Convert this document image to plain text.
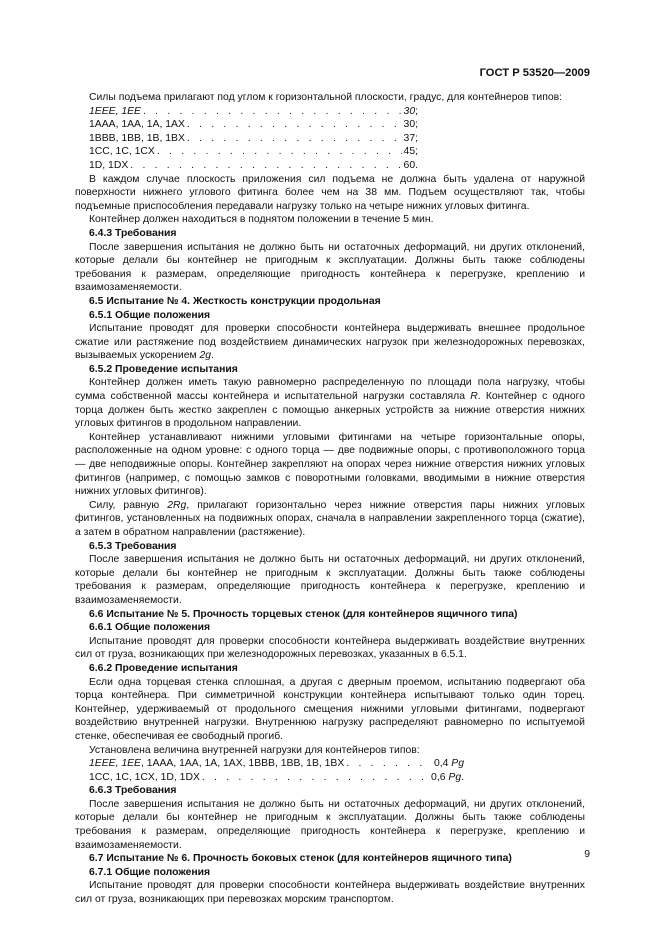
ГОСТ Р 53520—2009

Силы подъема прилагают под углом к горизонтальной плоскости, градус, для контейнеров типов:

1EEE, 1EE . . .	30;
1AAA, 1AA, 1A, 1AX . . .	30;
1BBB, 1BB, 1B, 1BX . . .	37;
1CC, 1C, 1CX . . .	45;
1D, 1DX . . .	60.

В каждом случае плоскость приложения сил подъема не должна быть удалена от наружной поверхности нижнего углового фитинга более чем на 38 мм. Подъем осуществляют так, чтобы подъемные приспособления передавали нагрузку только на четыре нижних угловых фитинга.

Контейнер должен находиться в поднятом положении в течение 5 мин.

6.4.3 Требования

После завершения испытания не должно быть ни остаточных деформаций, ни других отклонений, которые делали бы контейнер не пригодным к эксплуатации. Должны быть также соблюдены требования к размерам, определяющие пригодность контейнера к перегрузке, креплению и взаимозаменяемости.

6.5 Испытание № 4. Жесткость конструкции продольная

6.5.1 Общие положения

Испытание проводят для проверки способности контейнера выдерживать внешнее продольное сжатие или растяжение под воздействием динамических нагрузок при железнодорожных перевозках, вызываемых ускорением 2g.

6.5.2 Проведение испытания

Контейнер должен иметь такую равномерно распределенную по площади пола нагрузку, чтобы сумма собственной массы контейнера и испытательной нагрузки составляла R. Контейнер с одного торца должен быть жестко закреплен с помощью анкерных устройств за нижние отверстия нижних угловых фитингов в продольном направлении.

Контейнер устанавливают нижними угловыми фитингами на четыре горизонтальные опоры, расположенные на одном уровне: с одного торца — две подвижные опоры, с противоположного торца — две неподвижные опоры. Контейнер закрепляют на опорах через нижние отверстия нижних угловых фитингов (например, с помощью замков с поворотными головками, вводимыми в нижние отверстия нижних угловых фитингов).

Силу, равную 2Rg, прилагают горизонтально через нижние отверстия пары нижних угловых фитингов, установленных на подвижных опорах, сначала в направлении закрепленного торца (сжатие), а затем в обратном направлении (растяжение).

6.5.3 Требования

После завершения испытания не должно быть ни остаточных деформаций, ни других отклонений, которые делали бы контейнер не пригодным к эксплуатации. Должны быть также соблюдены требования к размерам, определяющие пригодность контейнера к перегрузке, креплению и взаимозаменяемости.

6.6 Испытание № 5. Прочность торцевых стенок (для контейнеров ящичного типа)

6.6.1 Общие положения

Испытание проводят для проверки способности контейнера выдерживать воздействие внутренних сил от груза, возникающих при железнодорожных перевозках, указанных в 6.5.1.

6.6.2 Проведение испытания

Если одна торцевая стенка сплошная, а другая с дверным проемом, испытанию подвергают оба торца контейнера. При симметричной конструкции контейнера испытывают только один торец. Контейнер, удерживаемый от продольного смещения нижними угловыми фитингами, подвергают воздействию внутренней нагрузки. Внутреннюю нагрузку распределяют равномерно по испытуемой стенке, обеспечивая ее свободный прогиб.

Установлена величина внутренней нагрузки для контейнеров типов:

1EEE, 1EE, 1AAA, 1AA, 1A, 1AX, 1BBB, 1BB, 1B, 1BX . . .	0,4 Pg
1CC, 1C, 1CX, 1D, 1DX . . .	0,6 Pg.

6.6.3 Требования

После завершения испытания не должно быть ни остаточных деформаций, ни других отклонений, которые делали бы контейнер не пригодным к эксплуатации. Должны быть также соблюдены требования к размерам, определяющие пригодность контейнера к перегрузке, креплению и взаимозаменяемости.

6.7 Испытание № 6. Прочность боковых стенок (для контейнеров ящичного типа)

6.7.1 Общие положения

Испытание проводят для проверки способности контейнера выдерживать воздействие внутренних сил от груза, возникающих при перевозках морским транспортом.

9
